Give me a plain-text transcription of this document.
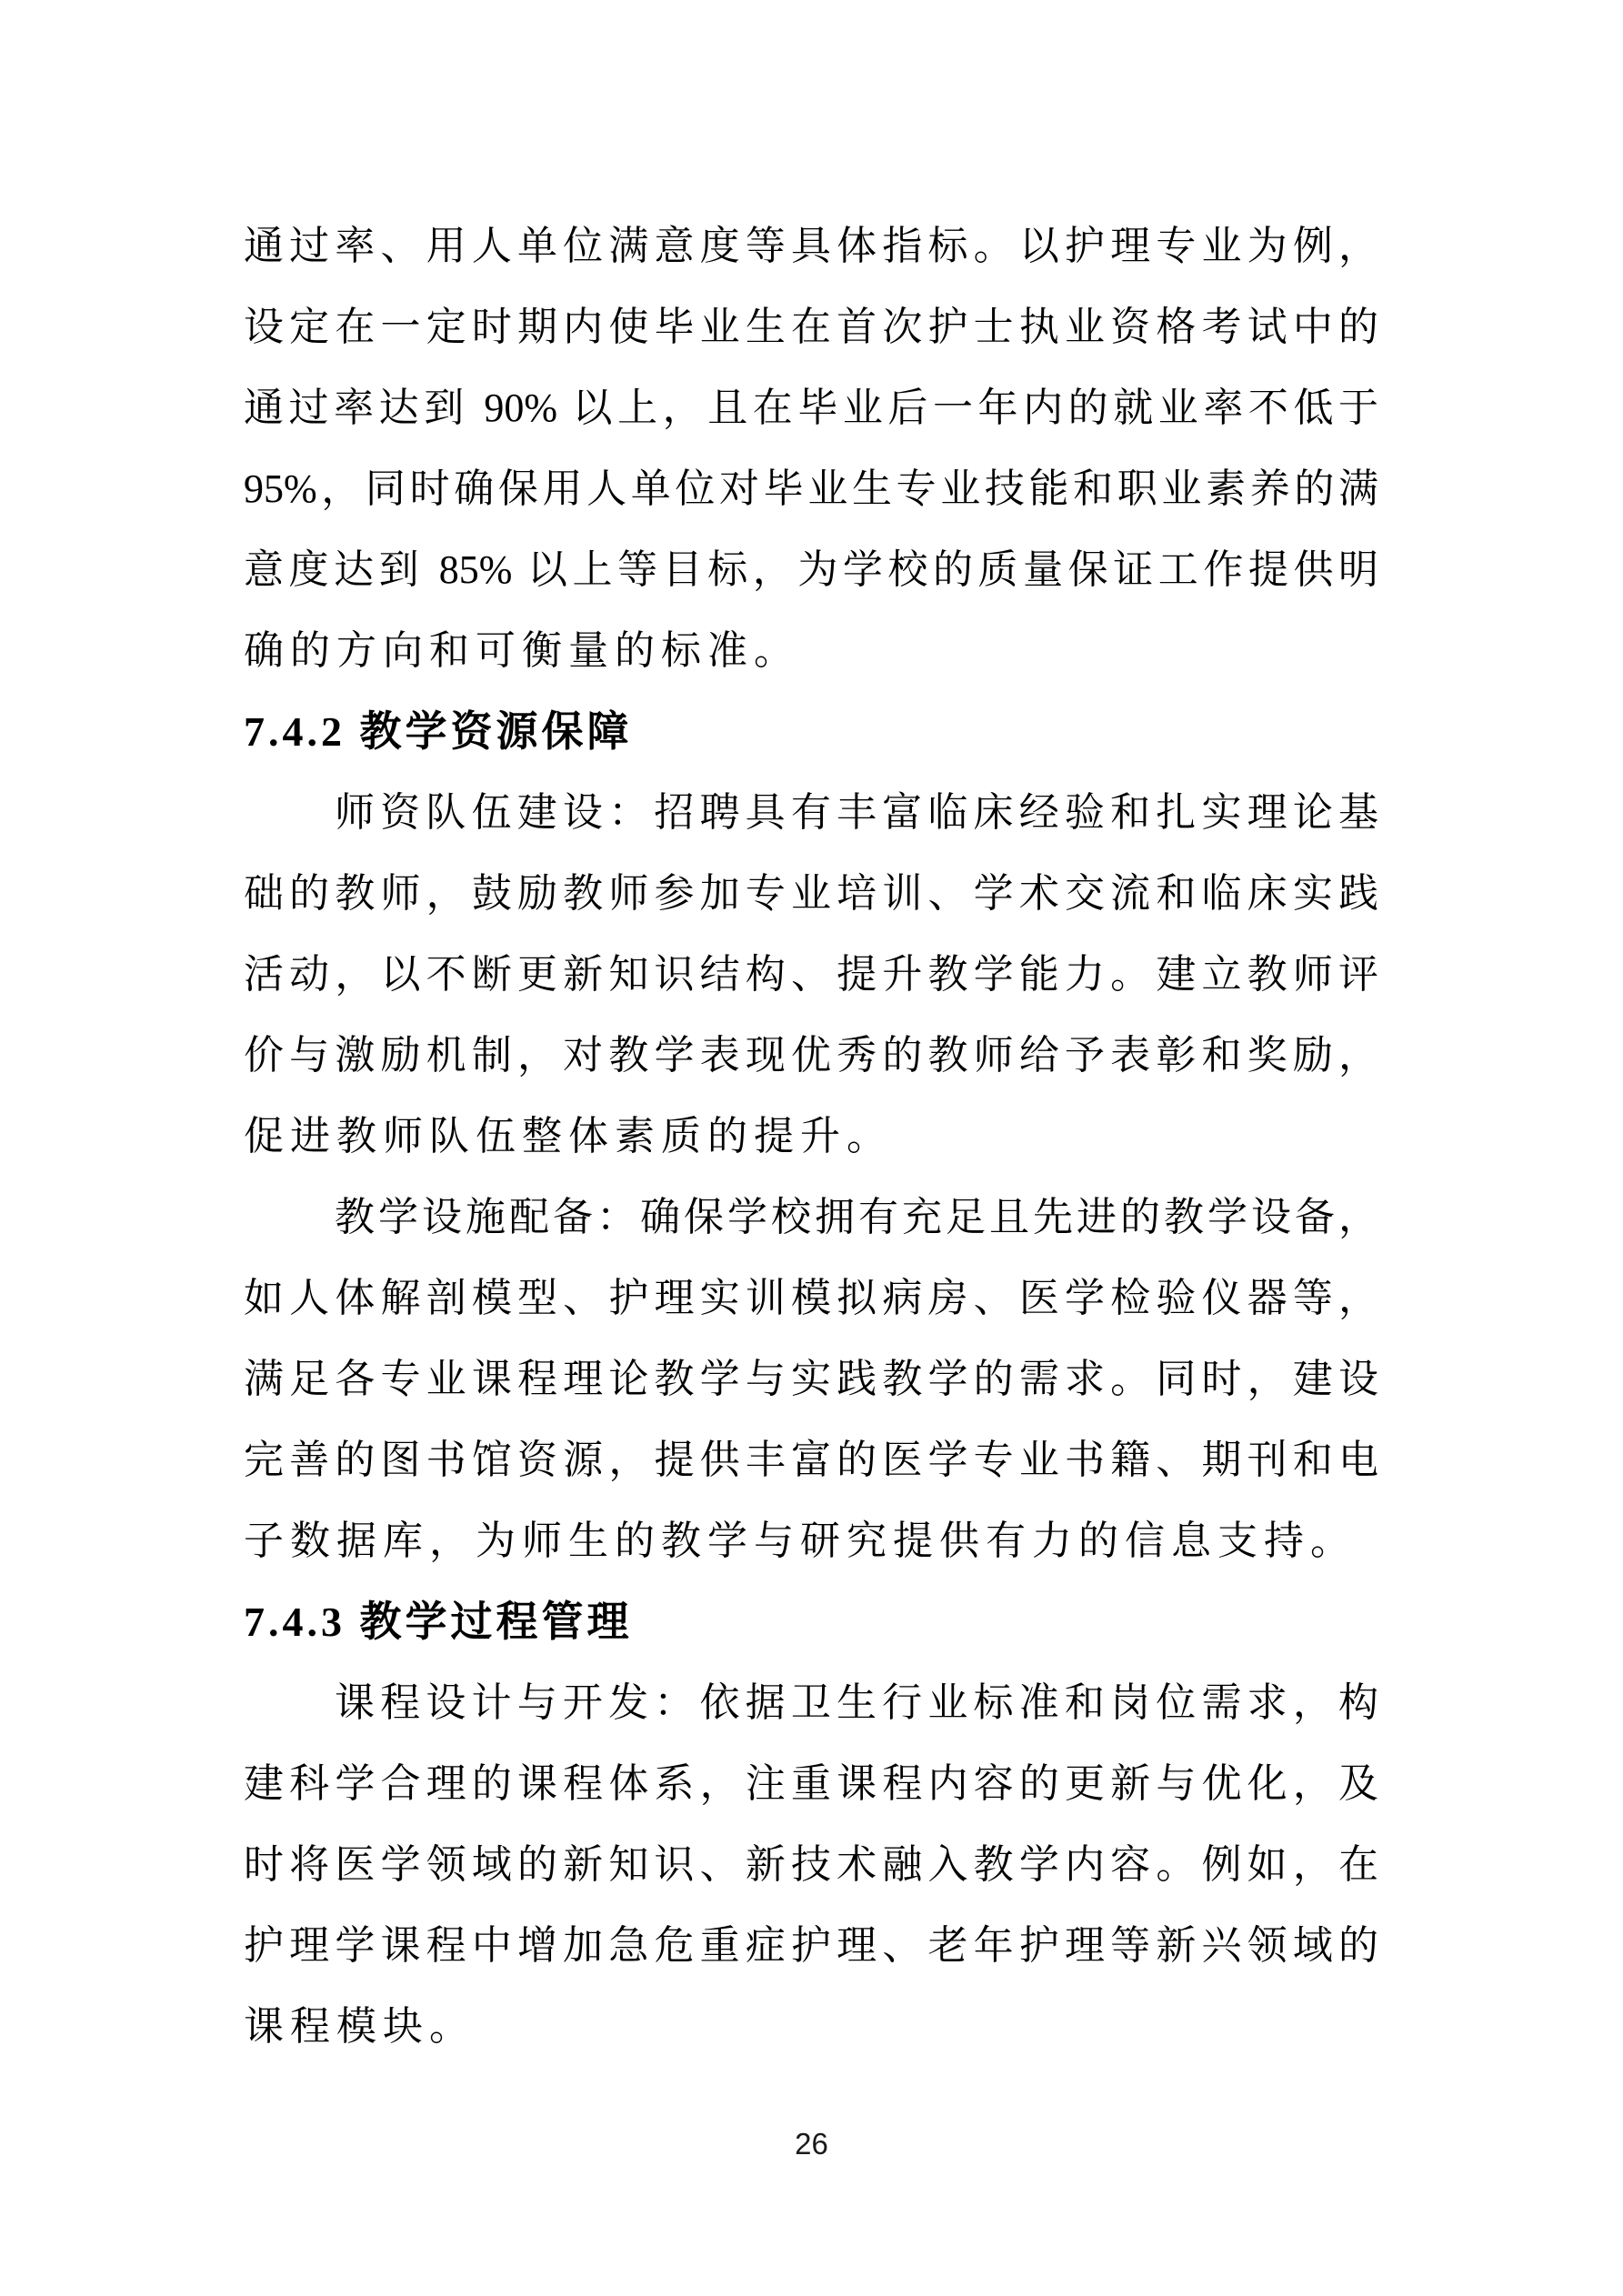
通过率、用人单位满意度等具体指标。以护理专业为例，
设定在一定时期内使毕业生在首次护士执业资格考试中的
通过率达到 90% 以上，且在毕业后一年内的就业率不低于
95%，同时确保用人单位对毕业生专业技能和职业素养的满
意度达到 85% 以上等目标，为学校的质量保证工作提供明
确的方向和可衡量的标准。
7.4.2 教学资源保障
师资队伍建设：招聘具有丰富临床经验和扎实理论基
础的教师，鼓励教师参加专业培训、学术交流和临床实践
活动，以不断更新知识结构、提升教学能力。建立教师评
价与激励机制，对教学表现优秀的教师给予表彰和奖励，
促进教师队伍整体素质的提升。
教学设施配备：确保学校拥有充足且先进的教学设备，
如人体解剖模型、护理实训模拟病房、医学检验仪器等，
满足各专业课程理论教学与实践教学的需求。同时，建设
完善的图书馆资源，提供丰富的医学专业书籍、期刊和电
子数据库，为师生的教学与研究提供有力的信息支持。
7.4.3 教学过程管理
课程设计与开发：依据卫生行业标准和岗位需求，构
建科学合理的课程体系，注重课程内容的更新与优化，及
时将医学领域的新知识、新技术融入教学内容。例如，在
护理学课程中增加急危重症护理、老年护理等新兴领域的
课程模块。
26
